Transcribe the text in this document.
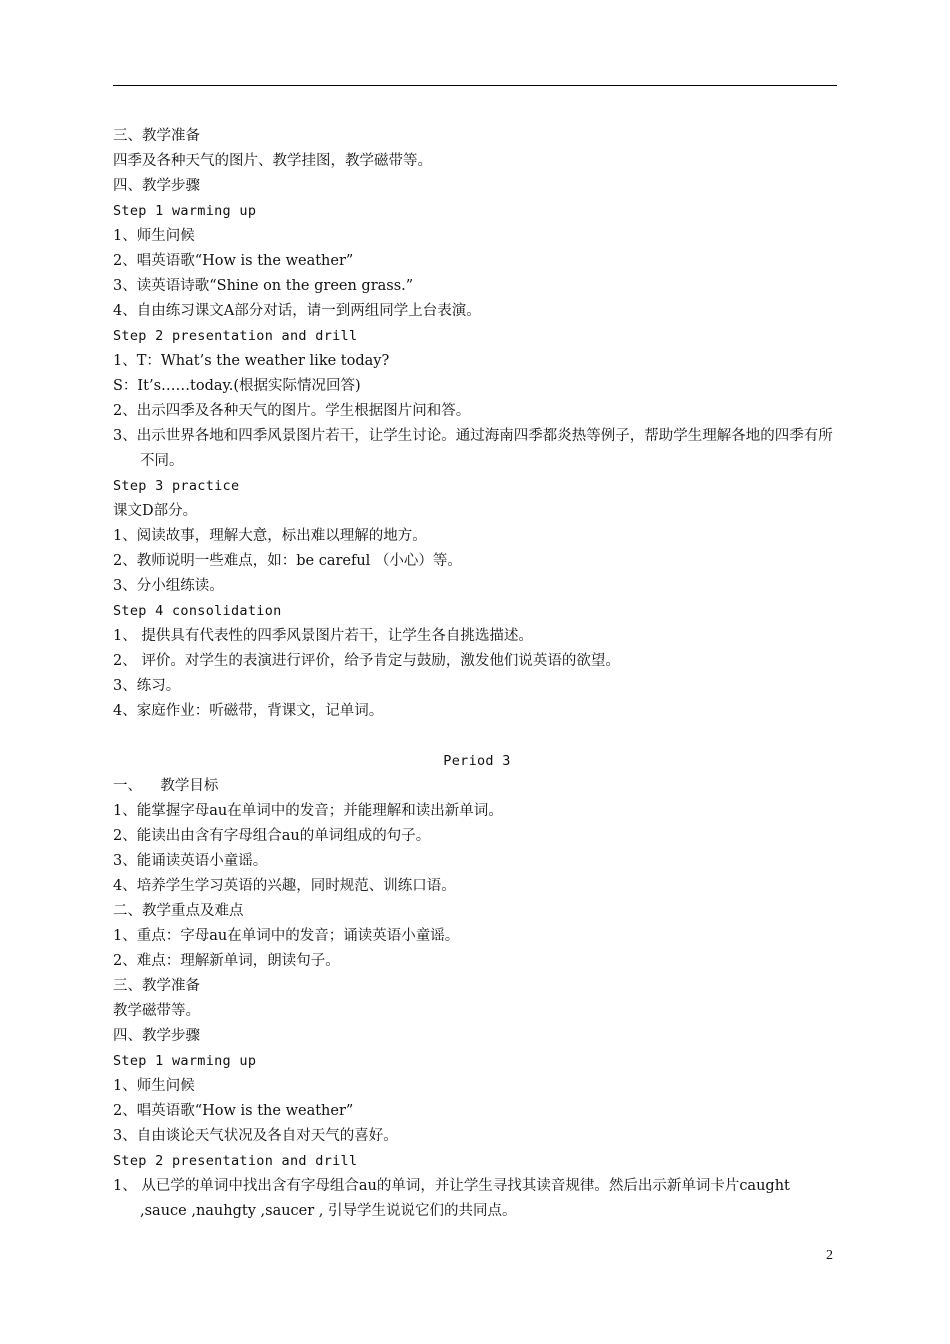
三、教学准备
四季及各种天气的图片、教学挂图，教学磁带等。
四、教学步骤
Step 1 warming up
1、师生问候
2、唱英语歌“How is the weather”
3、读英语诗歌“Shine on the green grass.”
4、自由练习课文A部分对话，请一到两组同学上台表演。
Step 2 presentation and drill
1、T：What’s the weather like today?
S：It’s……today.(根据实际情况回答)
2、出示四季及各种天气的图片。学生根据图片问和答。
3、出示世界各地和四季风景图片若干，让学生讨论。通过海南四季都炎热等例子，帮助学生理解各地的四季有所不同。
Step 3 practice
课文D部分。
1、阅读故事，理解大意，标出难以理解的地方。
2、教师说明一些难点，如：be careful （小心）等。
3、分小组练读。
Step 4 consolidation
1、 提供具有代表性的四季风景图片若干，让学生各自挑选描述。
2、 评价。对学生的表演进行评价，给予肯定与鼓励，激发他们说英语的欲望。
3、练习。
4、家庭作业：听磁带，背课文，记单词。
Period 3
一、    教学目标
1、能掌握字母au在单词中的发音；并能理解和读出新单词。
2、能读出由含有字母组合au的单词组成的句子。
3、能诵读英语小童谣。
4、培养学生学习英语的兴趣，同时规范、训练口语。
二、教学重点及难点
1、重点：字母au在单词中的发音；诵读英语小童谣。
2、难点：理解新单词，朗读句子。
三、教学准备
教学磁带等。
四、教学步骤
Step 1 warming up
1、师生问候
2、唱英语歌“How is the weather”
3、自由谈论天气状况及各自对天气的喜好。
Step 2 presentation and drill
1、 从已学的单词中找出含有字母组合au的单词，并让学生寻找其读音规律。然后出示新单词卡片caught ,sauce ,nauhgty ,saucer , 引导学生说说它们的共同点。
2
